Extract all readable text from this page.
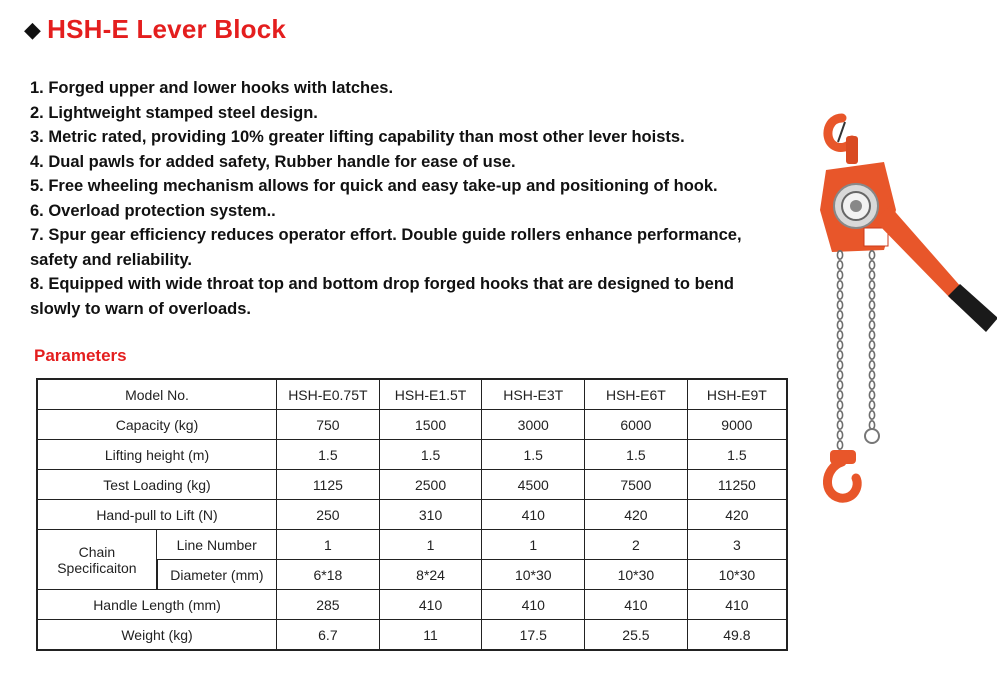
◆ HSH-E Lever Block
1. Forged upper and lower hooks with latches.
2. Lightweight stamped steel design.
3. Metric rated, providing 10% greater lifting capability than most other lever hoists.
4. Dual pawls for added safety, Rubber handle for ease of use.
5. Free wheeling mechanism allows for quick and easy take-up and positioning of hook.
6. Overload protection system..
7. Spur gear efficiency reduces operator effort. Double guide rollers enhance performance,
safety and reliability.
8. Equipped with wide throat top and bottom drop forged hooks that are designed to bend
slowly to warn of overloads.
Parameters
Model No.		HSH-E0.75T	HSH-E1.5T	HSH-E3T	HSH-E6T	HSH-E9T
Capacity (kg)		750	1500	3000	6000	9000
Lifting height (m)		1.5	1.5	1.5	1.5	1.5
Test Loading (kg)		1125	2500	4500	7500	11250
Hand-pull to Lift (N)		250	310	410	420	420

Chain
Specificaiton	Line Number	1	1	1	2	3
	Diameter (mm)	6*18	8*24	10*30	10*30	10*30
Handle Length (mm)		285	410	410	410	410
Weight (kg)		6.7	11	17.5	25.5	49.8
